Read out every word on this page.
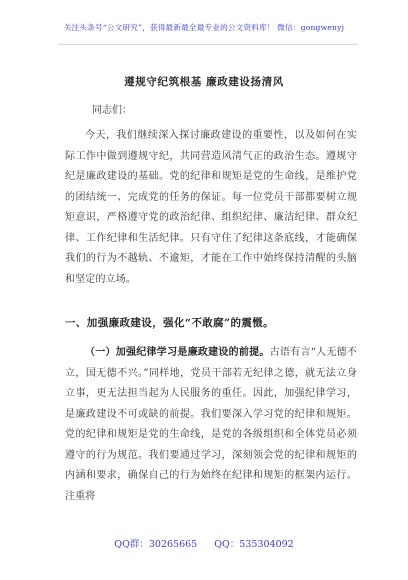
关注头条号“公文研究”，获得最新最全最专业的公文资料库！ 微信：gongwenyj
遵规守纪筑根基 廉政建设扬清风
同志们：
今天，我们继续深入探讨廉政建设的重要性，以及如何在实际工作中做到遵规守纪，共同营造风清气正的政治生态。遵规守纪是廉政建设的基础。党的纪律和规矩是党的生命线，是维护党的团结统一、完成党的任务的保证。每一位党员干部都要树立规矩意识，严格遵守党的政治纪律、组织纪律、廉洁纪律、群众纪律、工作纪律和生活纪律。只有守住了纪律这条底线，才能确保我们的行为不越轨、不逾矩，才能在工作中始终保持清醒的头脑和坚定的立场。
一、加强廉政建设，强化“不敢腐”的震慑。
（一）加强纪律学习是廉政建设的前提。古语有言“人无德不立，国无德不兴。”同样地，党员干部若无纪律之德，就无法立身立事，更无法担当起为人民服务的重任。因此，加强纪律学习，是廉政建设不可或缺的前提。我们要深入学习党的纪律和规矩。党的纪律和规矩是党的生命线，是党的各级组织和全体党员必须遵守的行为规范。我们要通过学习，深刻领会党的纪律和规矩的内涵和要求，确保自己的行为始终在纪律和规矩的框架内运行。注重将
QQ群：30265665 QQ：535304092
